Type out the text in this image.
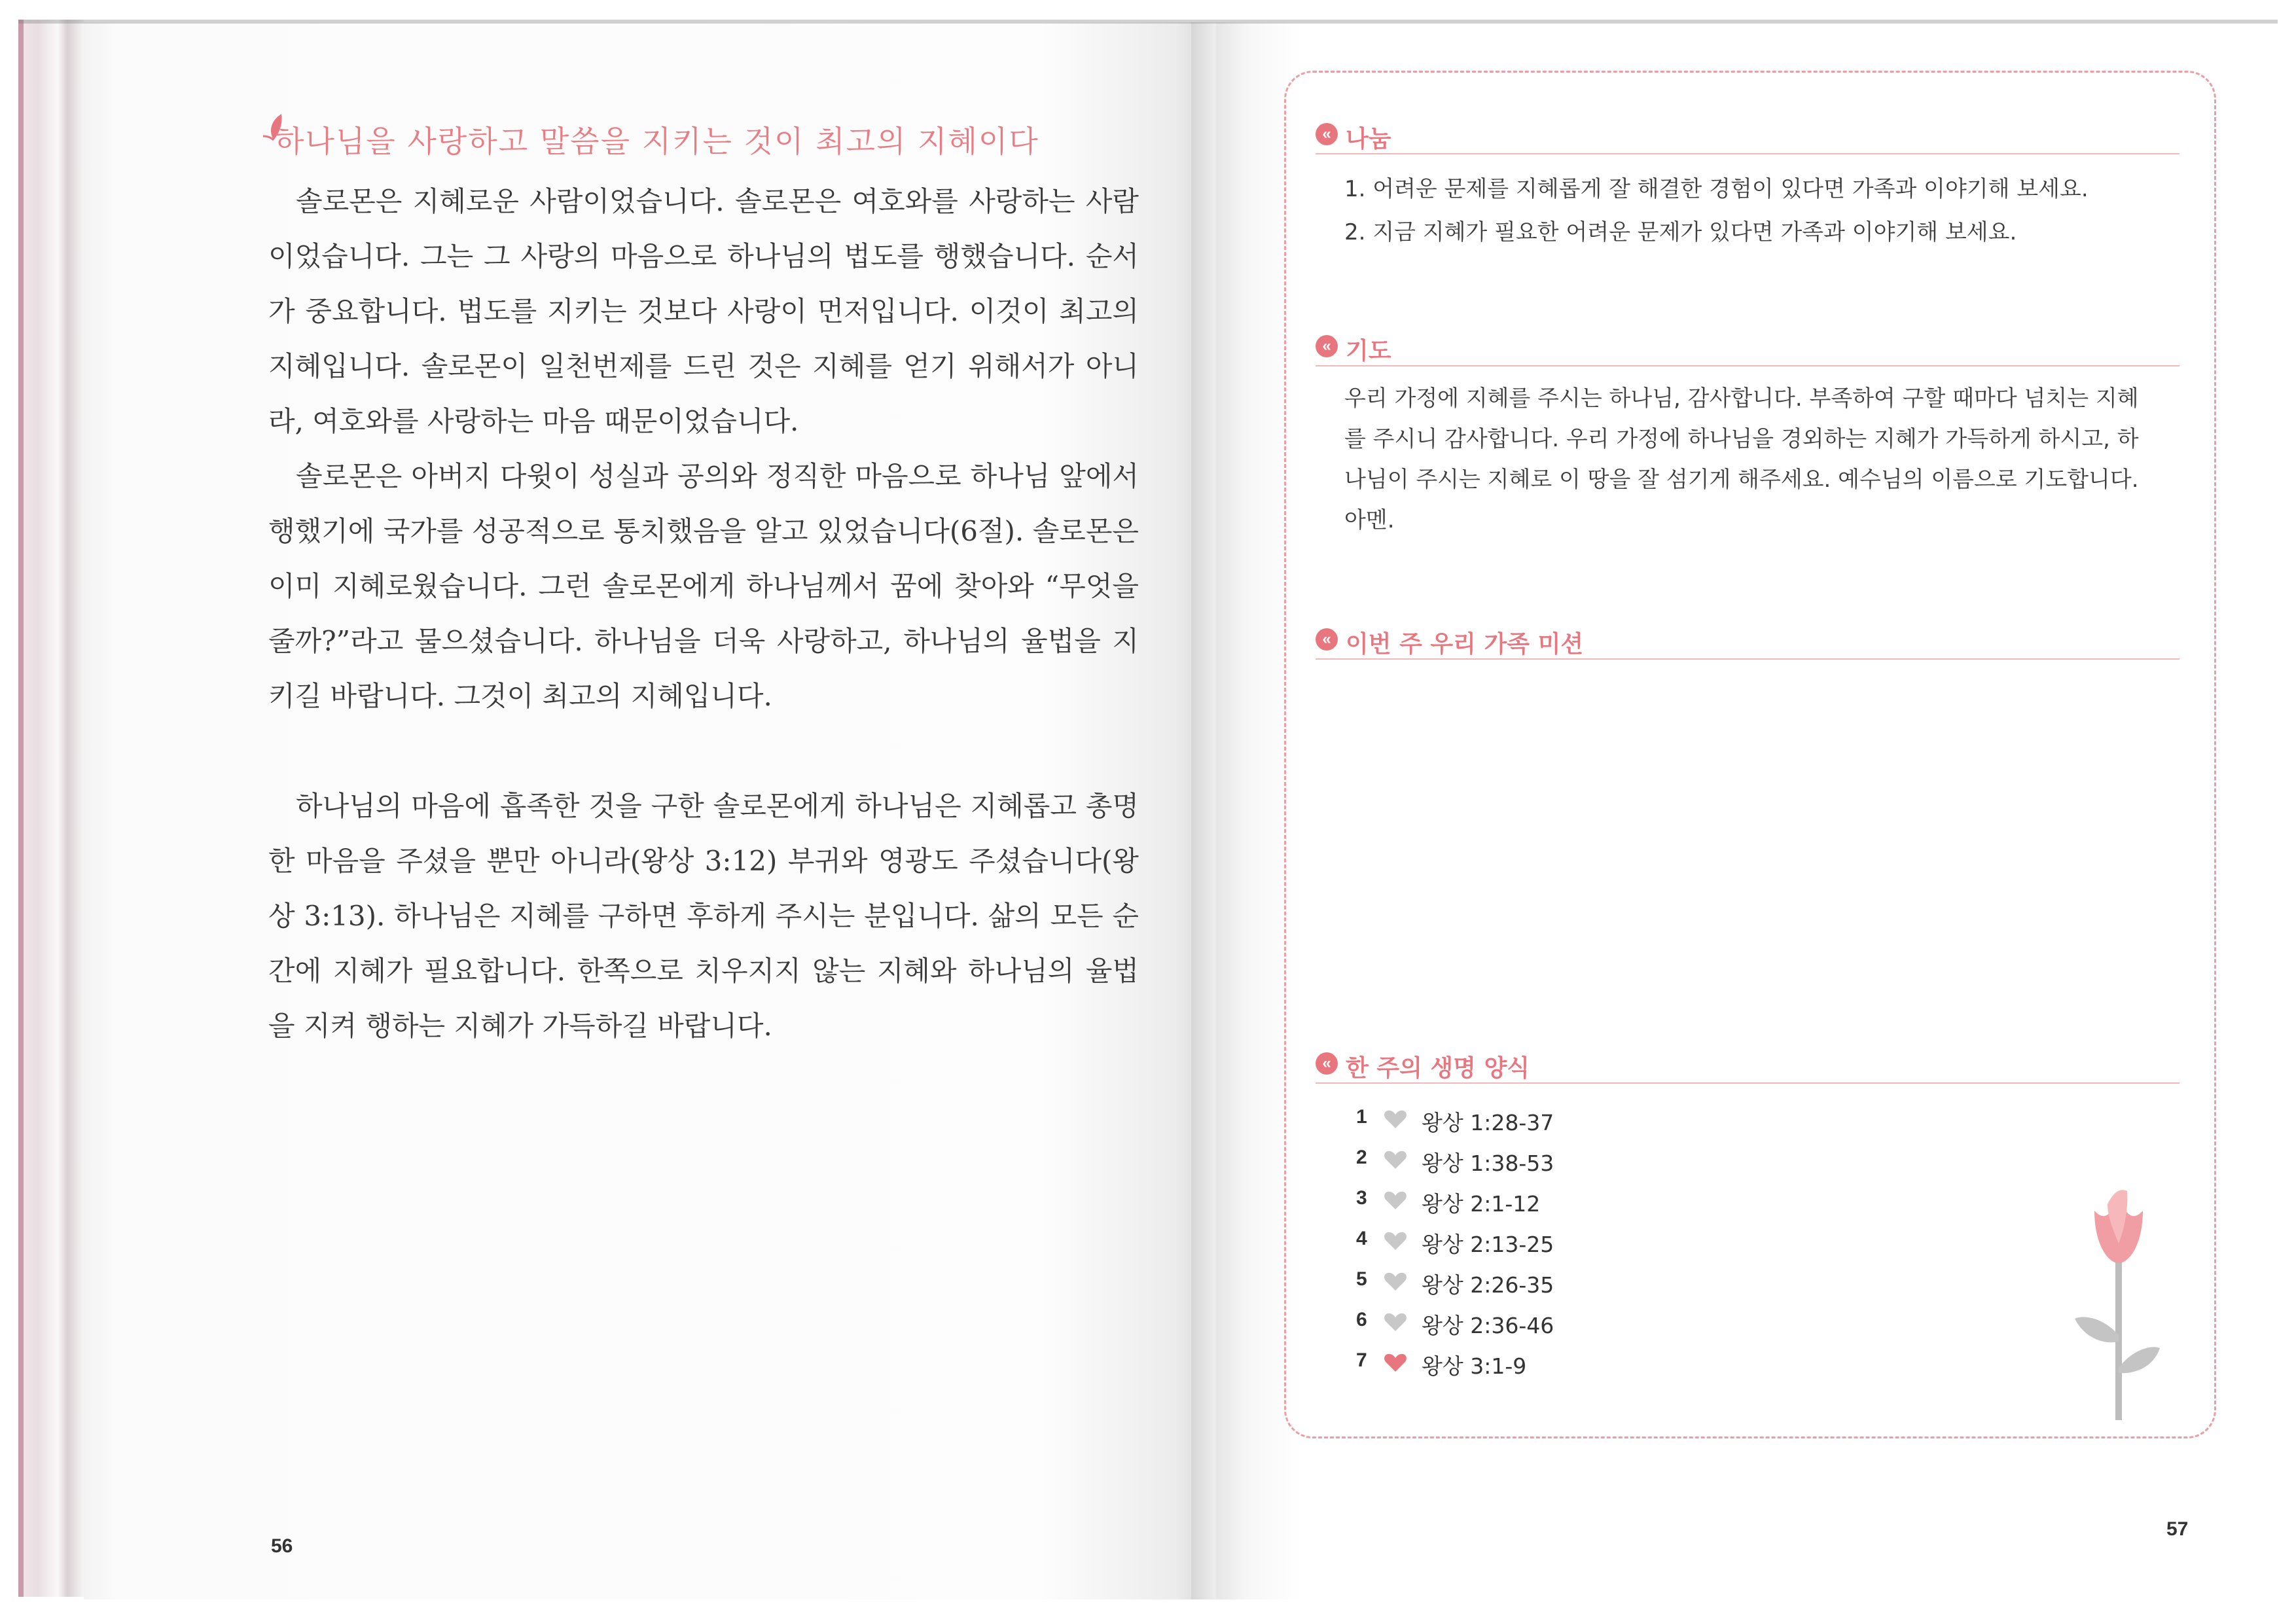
하나님을 사랑하고 말씀을 지키는 것이 최고의 지혜이다
솔로몬은 지혜로운 사람이었습니다. 솔로몬은 여호와를 사랑하는 사람이었습니다. 그는 그 사랑의 마음으로 하나님의 법도를 행했습니다. 순서가 중요합니다. 법도를 지키는 것보다 사랑이 먼저입니다. 이것이 최고의 지혜입니다. 솔로몬이 일천번제를 드린 것은 지혜를 얻기 위해서가 아니라, 여호와를 사랑하는 마음 때문이었습니다.
솔로몬은 아버지 다윗이 성실과 공의와 정직한 마음으로 하나님 앞에서 행했기에 국가를 성공적으로 통치했음을 알고 있었습니다(6절). 솔로몬은 이미 지혜로웠습니다. 그런 솔로몬에게 하나님께서 꿈에 찾아와 “무엇을 줄까?”라고 물으셨습니다. 하나님을 더욱 사랑하고, 하나님의 율법을 지키길 바랍니다. 그것이 최고의 지혜입니다.
하나님의 마음에 흡족한 것을 구한 솔로몬에게 하나님은 지혜롭고 총명한 마음을 주셨을 뿐만 아니라(왕상 3:12) 부귀와 영광도 주셨습니다(왕상 3:13). 하나님은 지혜를 구하면 후하게 주시는 분입니다. 삶의 모든 순간에 지혜가 필요합니다. 한쪽으로 치우지지 않는 지혜와 하나님의 율법을 지켜 행하는 지혜가 가득하길 바랍니다.
56
« 나눔
1. 어려운 문제를 지혜롭게 잘 해결한 경험이 있다면 가족과 이야기해 보세요.
2. 지금 지혜가 필요한 어려운 문제가 있다면 가족과 이야기해 보세요.
« 기도
우리 가정에 지혜를 주시는 하나님, 감사합니다. 부족하여 구할 때마다 넘치는 지혜를 주시니 감사합니다. 우리 가정에 하나님을 경외하는 지혜가 가득하게 하시고, 하나님이 주시는 지혜로 이 땅을 잘 섬기게 해주세요. 예수님의 이름으로 기도합니다. 아멘.
« 이번 주 우리 가족 미션
« 한 주의 생명 양식
1	왕상 1:28-37
2	왕상 1:38-53
3	왕상 2:1-12
4	왕상 2:13-25
5	왕상 2:26-35
6	왕상 2:36-46
7	왕상 3:1-9
57
